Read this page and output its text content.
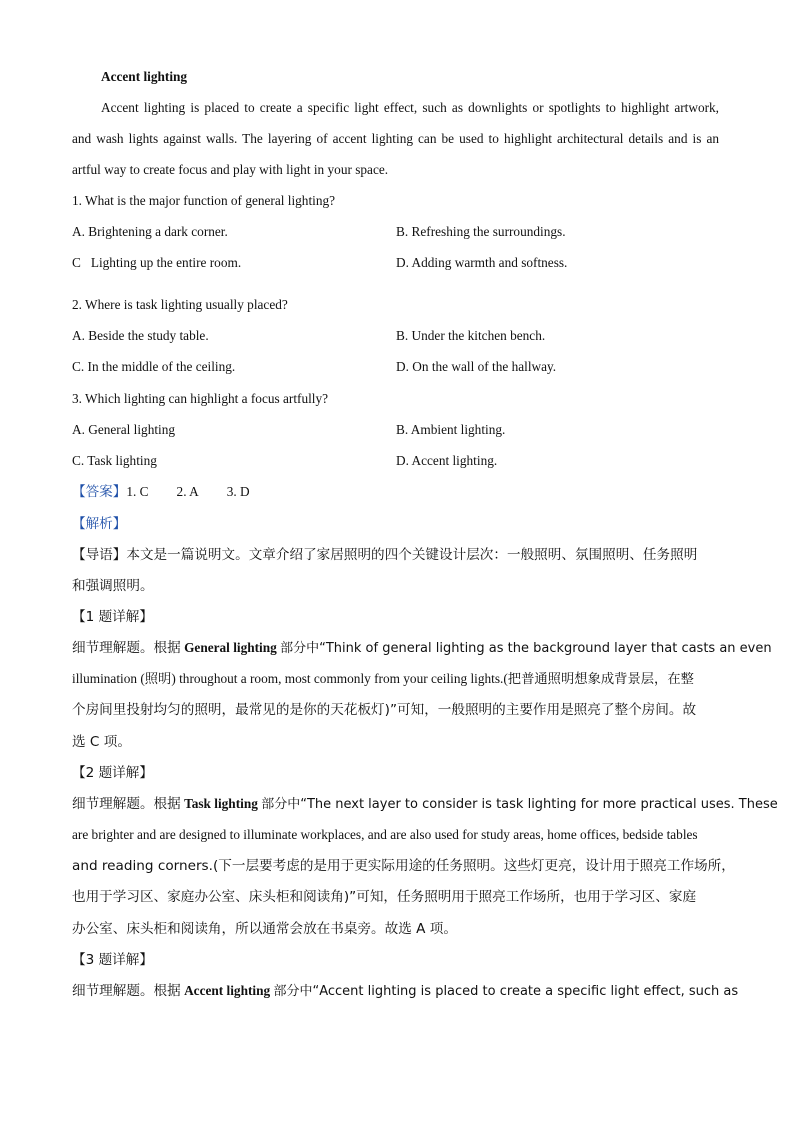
Accent lighting
Accent lighting is placed to create a specific light effect, such as downlights or spotlights to highlight artwork,
and wash lights against walls. The layering of accent lighting can be used to highlight architectural details and is an
artful way to create focus and play with light in your space.
1. What is the major function of general lighting?
A. Brightening a dark corner.	B. Refreshing the surroundings.
C   Lighting up the entire room.	D. Adding warmth and softness.
2. Where is task lighting usually placed?
A. Beside the study table.	B. Under the kitchen bench.
C. In the middle of the ceiling.	D. On the wall of the hallway.
3. Which lighting can highlight a focus artfully?
A. General lighting	B. Ambient lighting.
C. Task lighting	D. Accent lighting.
【答案】1. C 2. A 3. D
【解析】
【导语】本文是一篇说明文。文章介绍了家居照明的四个关键设计层次：一般照明、氛围照明、任务照明
和强调照明。
【1 题详解】
细节理解题。根据 General lighting 部分中“Think of general lighting as the background layer that casts an even
illumination (照明) throughout a room, most commonly from your ceiling lights.(把普通照明想象成背景层，在整
个房间里投射均匀的照明，最常见的是你的天花板灯)”可知，一般照明的主要作用是照亮了整个房间。故
选 C 项。
【2 题详解】
细节理解题。根据 Task lighting 部分中“The next layer to consider is task lighting for more practical uses. These
are brighter and are designed to illuminate workplaces, and are also used for study areas, home offices, bedside tables
and reading corners.(下一层要考虑的是用于更实际用途的任务照明。这些灯更亮，设计用于照亮工作场所，
也用于学习区、家庭办公室、床头柜和阅读角)”可知，任务照明用于照亮工作场所，也用于学习区、家庭
办公室、床头柜和阅读角，所以通常会放在书桌旁。故选 A 项。
【3 题详解】
细节理解题。根据 Accent lighting 部分中“Accent lighting is placed to create a specific light effect, such as
